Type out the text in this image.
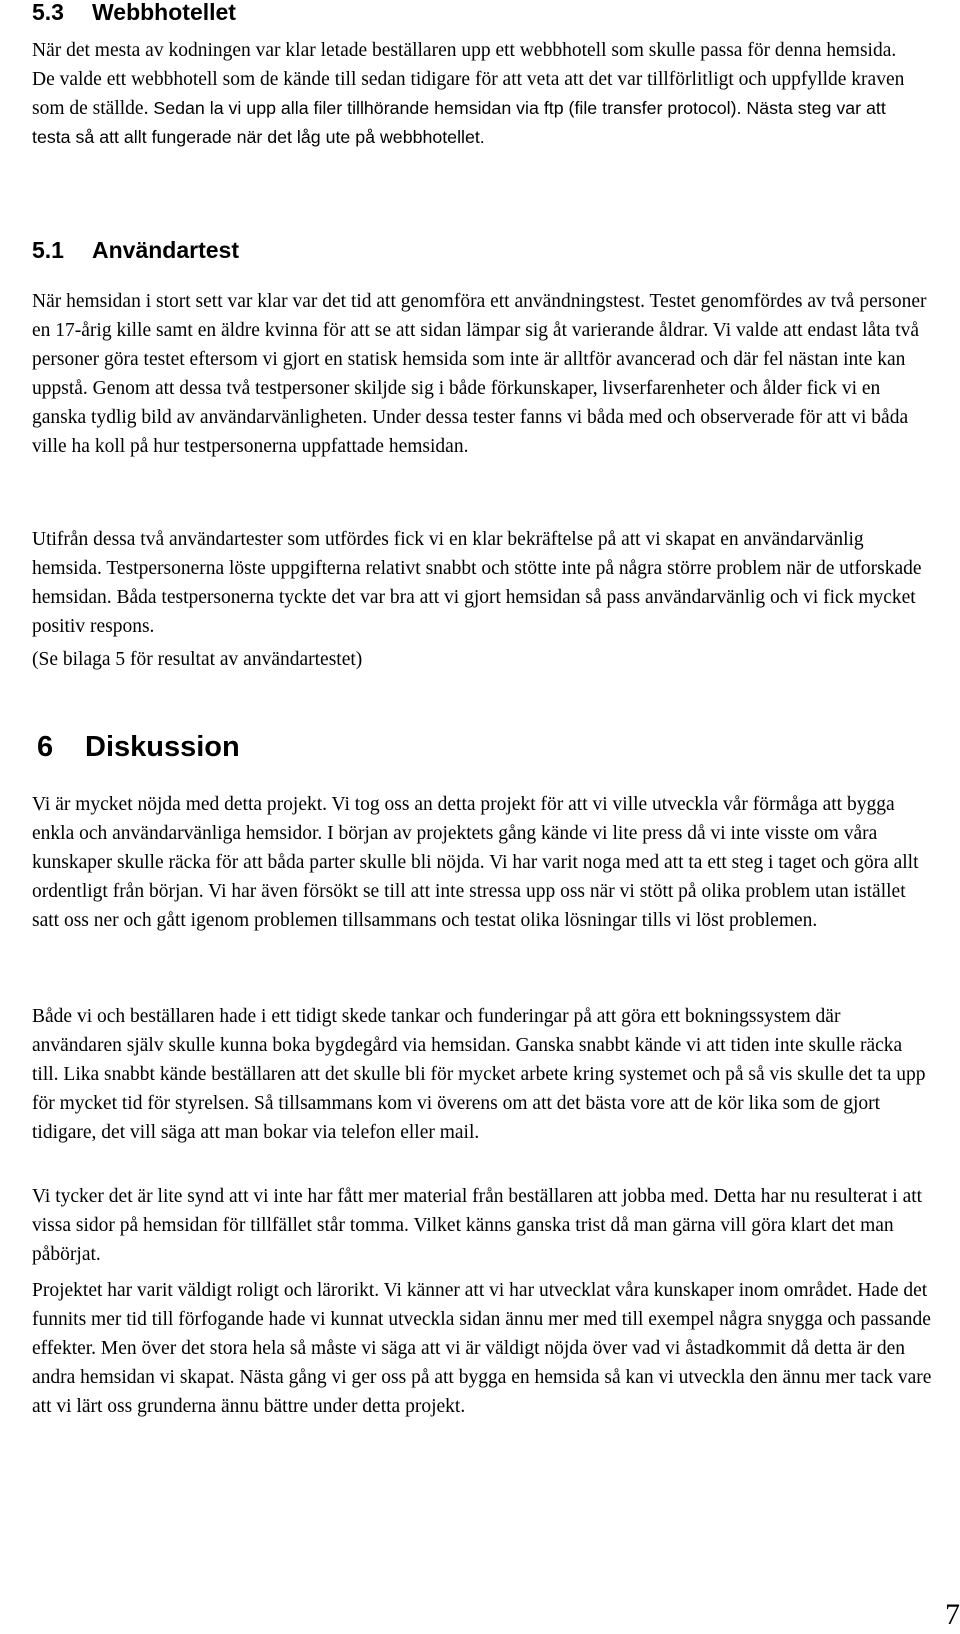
5.3 Webbhotellet

När det mesta av kodningen var klar letade beställaren upp ett webbhotell som skulle passa för denna hemsida. De valde ett webbhotell som de kände till sedan tidigare för att veta att det var tillförlitligt och uppfyllde kraven som de ställde. Sedan la vi upp alla filer tillhörande hemsidan via ftp (file transfer protocol). Nästa steg var att testa så att allt fungerade när det låg ute på webbhotellet.

5.1 Användartest

När hemsidan i stort sett var klar var det tid att genomföra ett användningstest. Testet genomfördes av två personer en 17-årig kille samt en äldre kvinna för att se att sidan lämpar sig åt varierande åldrar. Vi valde att endast låta två personer göra testet eftersom vi gjort en statisk hemsida som inte är alltför avancerad och där fel nästan inte kan uppstå. Genom att dessa två testpersoner skiljde sig i både förkunskaper, livserfarenheter och ålder fick vi en ganska tydlig bild av användarvänligheten. Under dessa tester fanns vi båda med och observerade för att vi båda ville ha koll på hur testpersonerna uppfattade hemsidan.

Utifrån dessa två användartester som utfördes fick vi en klar bekräftelse på att vi skapat en användarvänlig hemsida. Testpersonerna löste uppgifterna relativt snabbt och stötte inte på några större problem när de utforskade hemsidan. Båda testpersonerna tyckte det var bra att vi gjort hemsidan så pass användarvänlig och vi fick mycket positiv respons.

(Se bilaga 5 för resultat av användartestet)

6 Diskussion

Vi är mycket nöjda med detta projekt. Vi tog oss an detta projekt för att vi ville utveckla vår förmåga att bygga enkla och användarvänliga hemsidor. I början av projektets gång kände vi lite press då vi inte visste om våra kunskaper skulle räcka för att båda parter skulle bli nöjda. Vi har varit noga med att ta ett steg i taget och göra allt ordentligt från början. Vi har även försökt se till att inte stressa upp oss när vi stött på olika problem utan istället satt oss ner och gått igenom problemen tillsammans och testat olika lösningar tills vi löst problemen.

Både vi och beställaren hade i ett tidigt skede tankar och funderingar på att göra ett bokningssystem där användaren själv skulle kunna boka bygdegård via hemsidan. Ganska snabbt kände vi att tiden inte skulle räcka till. Lika snabbt kände beställaren att det skulle bli för mycket arbete kring systemet och på så vis skulle det ta upp för mycket tid för styrelsen. Så tillsammans kom vi överens om att det bästa vore att de kör lika som de gjort tidigare, det vill säga att man bokar via telefon eller mail.

Vi tycker det är lite synd att vi inte har fått mer material från beställaren att jobba med. Detta har nu resulterat i att vissa sidor på hemsidan för tillfället står tomma. Vilket känns ganska trist då man gärna vill göra klart det man påbörjat.

Projektet har varit väldigt roligt och lärorikt. Vi känner att vi har utvecklat våra kunskaper inom området. Hade det funnits mer tid till förfogande hade vi kunnat utveckla sidan ännu mer med till exempel några snygga och passande effekter. Men över det stora hela så måste vi säga att vi är väldigt nöjda över vad vi åstadkommit då detta är den andra hemsidan vi skapat. Nästa gång vi ger oss på att bygga en hemsida så kan vi utveckla den ännu mer tack vare att vi lärt oss grunderna ännu bättre under detta projekt.

7
